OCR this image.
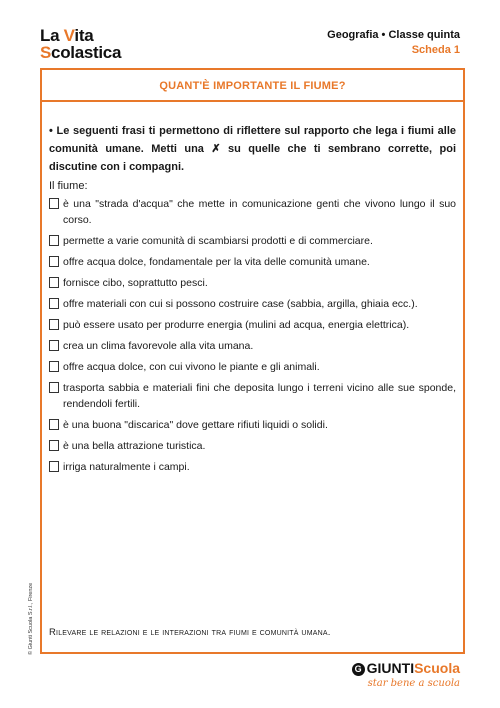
La Vita
Scolastica
Geografia • Classe quinta
Scheda 1
QUANT'È IMPORTANTE IL FIUME?
• Le seguenti frasi ti permettono di riflettere sul rapporto che lega i fiumi alle comunità umane. Metti una ✗ su quelle che ti sembrano corrette, poi discutine con i compagni.
Il fiume:
è una "strada d'acqua" che mette in comunicazione genti che vivono lungo il suo corso.
permette a varie comunità di scambiarsi prodotti e di commerciare.
offre acqua dolce, fondamentale per la vita delle comunità umane.
fornisce cibo, soprattutto pesci.
offre materiali con cui si possono costruire case (sabbia, argilla, ghiaia ecc.).
può essere usato per produrre energia (mulini ad acqua, energia elettrica).
crea un clima favorevole alla vita umana.
offre acqua dolce, con cui vivono le piante e gli animali.
trasporta sabbia e materiali fini che deposita lungo i terreni vicino alle sue sponde, rendendoli fertili.
è una buona "discarica" dove gettare rifiuti liquidi o solidi.
è una bella attrazione turistica.
irriga naturalmente i campi.
Rilevare le relazioni e le interazioni tra fiumi e comunità umana.
© Giunti Scuola S.r.l., Firenze
G GIUNTIScuola
star bene a scuola
